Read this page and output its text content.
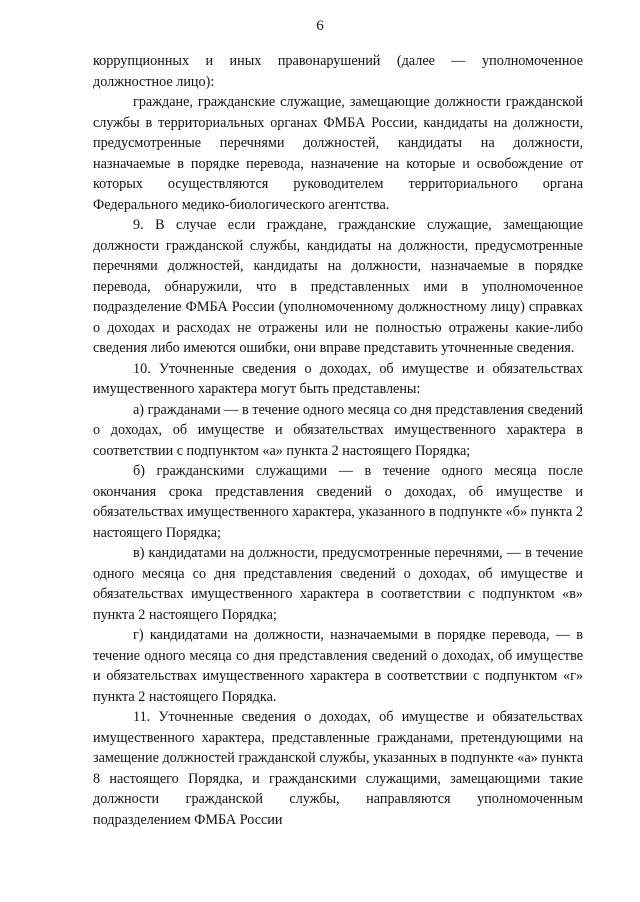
6

коррупционных и иных правонарушений (далее — уполномоченное должностное лицо):

граждане, гражданские служащие, замещающие должности гражданской службы в территориальных органах ФМБА России, кандидаты на должности, предусмотренные перечнями должностей, кандидаты на должности, назначаемые в порядке перевода, назначение на которые и освобождение от которых осуществляются руководителем территориального органа Федерального медико-биологического агентства.

9. В случае если граждане, гражданские служащие, замещающие должности гражданской службы, кандидаты на должности, предусмотренные перечнями должностей, кандидаты на должности, назначаемые в порядке перевода, обнаружили, что в представленных ими в уполномоченное подразделение ФМБА России (уполномоченному должностному лицу) справках о доходах и расходах не отражены или не полностью отражены какие-либо сведения либо имеются ошибки, они вправе представить уточненные сведения.

10. Уточненные сведения о доходах, об имуществе и обязательствах имущественного характера могут быть представлены:

а) гражданами — в течение одного месяца со дня представления сведений о доходах, об имуществе и обязательствах имущественного характера в соответствии с подпунктом «а» пункта 2 настоящего Порядка;

б) гражданскими служащими — в течение одного месяца после окончания срока представления сведений о доходах, об имуществе и обязательствах имущественного характера, указанного в подпункте «б» пункта 2 настоящего Порядка;

в) кандидатами на должности, предусмотренные перечнями, — в течение одного месяца со дня представления сведений о доходах, об имуществе и обязательствах имущественного характера в соответствии с подпунктом «в» пункта 2 настоящего Порядка;

г) кандидатами на должности, назначаемыми в порядке перевода, — в течение одного месяца со дня представления сведений о доходах, об имуществе и обязательствах имущественного характера в соответствии с подпунктом «г» пункта 2 настоящего Порядка.

11. Уточненные сведения о доходах, об имуществе и обязательствах имущественного характера, представленные гражданами, претендующими на замещение должностей гражданской службы, указанных в подпункте «а» пункта 8 настоящего Порядка, и гражданскими служащими, замещающими такие должности гражданской службы, направляются уполномоченным подразделением ФМБА России
